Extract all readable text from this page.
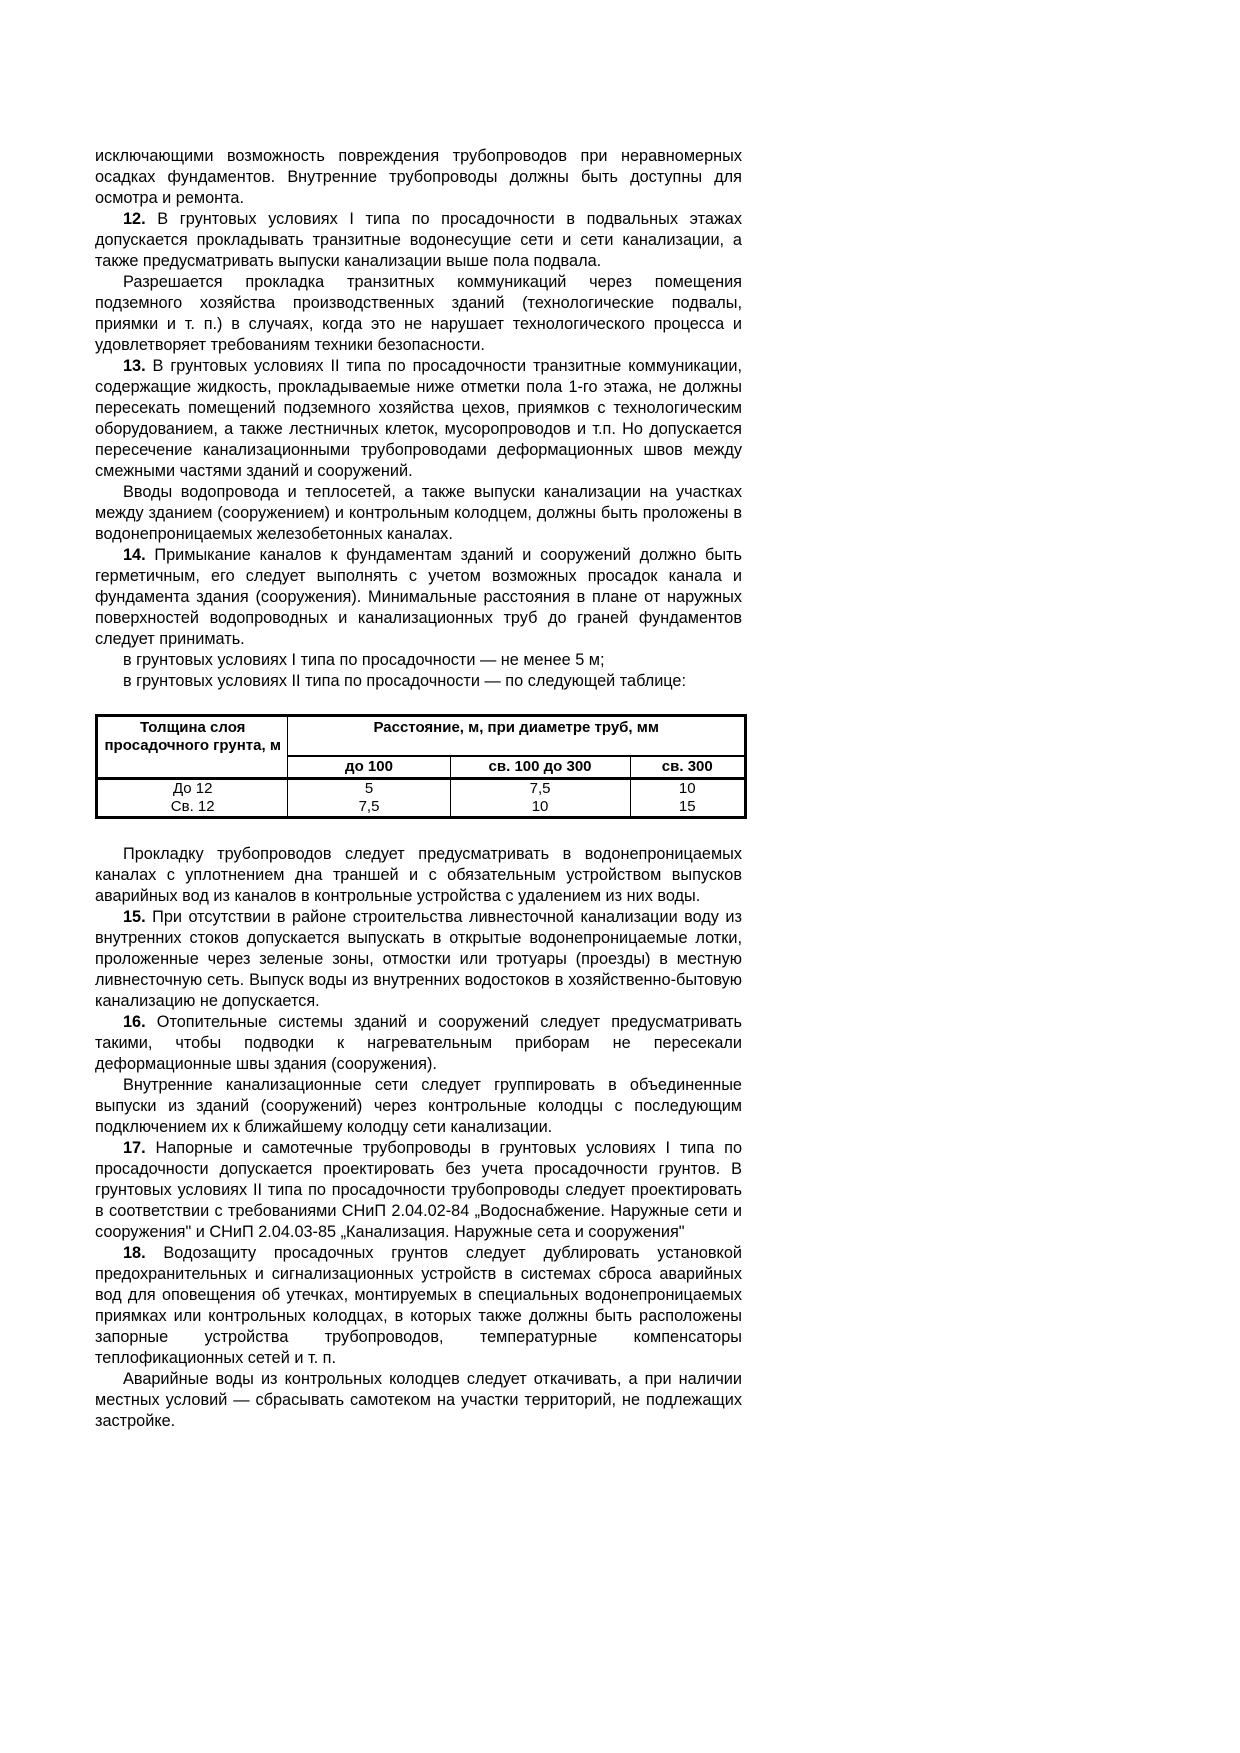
исключающими возможность повреждения трубопроводов при неравномерных осадках фундаментов. Внутренние трубопроводы должны быть доступны для осмотра и ремонта.

12. В грунтовых условиях I типа по просадочности в подвальных этажах допускается прокладывать транзитные водонесущие сети и сети канализации, а также предусматривать выпуски канализации выше пола подвала.

Разрешается прокладка транзитных коммуникаций через помещения подземного хозяйства производственных зданий (технологические подвалы, приямки и т. п.) в случаях, когда это не нарушает технологического процесса и удовлетворяет требованиям техники безопасности.

13. В грунтовых условиях II типа по просадочности транзитные коммуникации, содержащие жидкость, прокладываемые ниже отметки пола 1-го этажа, не должны пересекать помещений подземного хозяйства цехов, приямков с технологическим оборудованием, а также лестничных клеток, мусоропроводов и т.п. Но допускается пересечение канализационными трубопроводами деформационных швов между смежными частями зданий и сооружений.

Вводы водопровода и теплосетей, а также выпуски канализации на участках между зданием (сооружением) и контрольным колодцем, должны быть проложены в водонепроницаемых железобетонных каналах.

14. Примыкание каналов к фундаментам зданий и сооружений должно быть герметичным, его следует выполнять с учетом возможных просадок канала и фундамента здания (сооружения). Минимальные расстояния в плане от наружных поверхностей водопроводных и канализационных труб до граней фундаментов следует принимать.

в грунтовых условиях I типа по просадочности — не менее 5 м;

в грунтовых условиях II типа по просадочности — по следующей таблице:

Толщина слоя просадочного грунта, м	Расстояние, м, при диаметре труб, мм		
	до 100	св. 100 до 300	св. 300
До 12	5	7,5	10
Св. 12	7,5	10	15

Прокладку трубопроводов следует предусматривать в водонепроницаемых каналах с уплотнением дна траншей и с обязательным устройством выпусков аварийных вод из каналов в контрольные устройства с удалением из них воды.

15. При отсутствии в районе строительства ливнесточной канализации воду из внутренних стоков допускается выпускать в открытые водонепроницаемые лотки, проложенные через зеленые зоны, отмостки или тротуары (проезды) в местную ливнесточную сеть. Выпуск воды из внутренних водостоков в хозяйственно-бытовую канализацию не допускается.

16. Отопительные системы зданий и сооружений следует предусматривать такими, чтобы подводки к нагревательным приборам не пересекали деформационные швы здания (сооружения).

Внутренние канализационные сети следует группировать в объединенные выпуски из зданий (сооружений) через контрольные колодцы с последующим подключением их к ближайшему колодцу сети канализации.

17. Напорные и самотечные трубопроводы в грунтовых условиях I типа по просадочности допускается проектировать без учета просадочности грунтов. В грунтовых условиях II типа по просадочности трубопроводы следует проектировать в соответствии с требованиями СНиП 2.04.02-84 „Водоснабжение. Наружные сети и сооружения" и СНиП 2.04.03-85 „Канализация. Наружные сета и сооружения"

18. Водозащиту просадочных грунтов следует дублировать установкой предохранительных и сигнализационных устройств в системах сброса аварийных вод для оповещения об утечках, монтируемых в специальных водонепроницаемых приямках или контрольных колодцах, в которых также должны быть расположены запорные устройства трубопроводов, температурные компенсаторы теплофикационных сетей и т. п.

Аварийные воды из контрольных колодцев следует откачивать, а при наличии местных условий — сбрасывать самотеком на участки территорий, не подлежащих застройке.
